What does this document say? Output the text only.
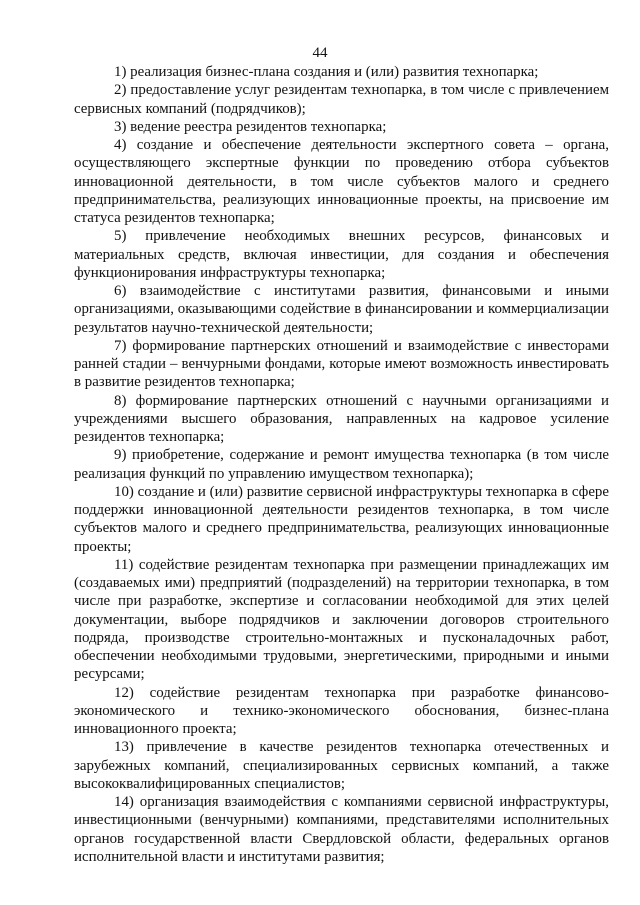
44

1) реализация бизнес-плана создания и (или) развития технопарка;

2) предоставление услуг резидентам технопарка, в том числе с привлечением сервисных компаний (подрядчиков);

3) ведение реестра резидентов технопарка;

4) создание и обеспечение деятельности экспертного совета – органа, осуществляющего экспертные функции по проведению отбора субъектов инновационной деятельности, в том числе субъектов малого и среднего предпринимательства, реализующих инновационные проекты, на присвоение им статуса резидентов технопарка;

5) привлечение необходимых внешних ресурсов, финансовых и материальных средств, включая инвестиции, для создания и обеспечения функционирования инфраструктуры технопарка;

6) взаимодействие с институтами развития, финансовыми и иными организациями, оказывающими содействие в финансировании и коммерциализации результатов научно-технической деятельности;

7) формирование партнерских отношений и взаимодействие с инвесторами ранней стадии – венчурными фондами, которые имеют возможность инвестировать в развитие резидентов технопарка;

8) формирование партнерских отношений с научными организациями и учреждениями высшего образования, направленных на кадровое усиление резидентов технопарка;

9) приобретение, содержание и ремонт имущества технопарка (в том числе реализация функций по управлению имуществом технопарка);

10) создание и (или) развитие сервисной инфраструктуры технопарка в сфере поддержки инновационной деятельности резидентов технопарка, в том числе субъектов малого и среднего предпринимательства, реализующих инновационные проекты;

11) содействие резидентам технопарка при размещении принадлежащих им (создаваемых ими) предприятий (подразделений) на территории технопарка, в том числе при разработке, экспертизе и согласовании необходимой для этих целей документации, выборе подрядчиков и заключении договоров строительного подряда, производстве строительно-монтажных и пусконаладочных работ, обеспечении необходимыми трудовыми, энергетическими, природными и иными ресурсами;

12) содействие резидентам технопарка при разработке финансово-экономического и технико-экономического обоснования, бизнес-плана инновационного проекта;

13) привлечение в качестве резидентов технопарка отечественных и зарубежных компаний, специализированных сервисных компаний, а также высококвалифицированных специалистов;

14) организация взаимодействия с компаниями сервисной инфраструктуры, инвестиционными (венчурными) компаниями, представителями исполнительных органов государственной власти Свердловской области, федеральных органов исполнительной власти и институтами развития;
